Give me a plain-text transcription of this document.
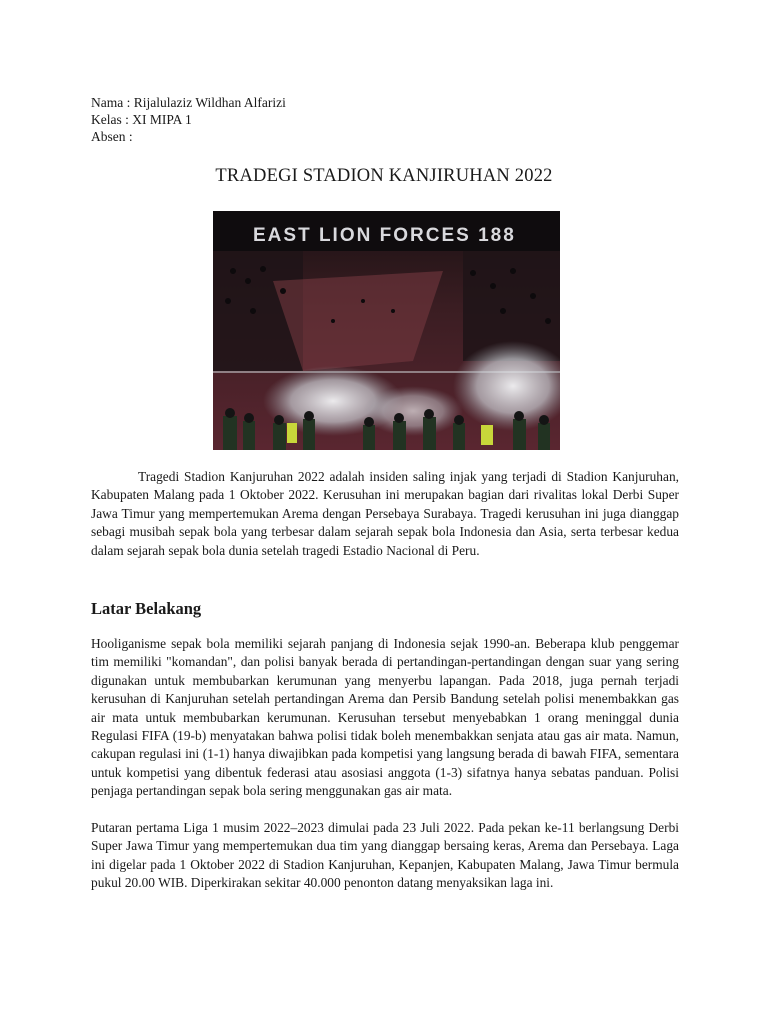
Nama : Rijalulaziz Wildhan Alfarizi
Kelas : XI MIPA 1
Absen :
TRADEGI STADION KANJIRUHAN 2022
EAST LION FORCES 188

Tragedi Stadion Kanjuruhan 2022 adalah insiden saling injak yang terjadi di Stadion Kanjuruhan, Kabupaten Malang pada 1 Oktober 2022. Kerusuhan ini merupakan bagian dari rivalitas lokal Derbi Super Jawa Timur yang mempertemukan Arema dengan Persebaya Surabaya. Tragedi kerusuhan ini juga dianggap sebagi musibah sepak bola yang terbesar dalam sejarah sepak bola Indonesia dan Asia, serta terbesar kedua dalam sejarah sepak bola dunia setelah tragedi Estadio Nacional di Peru.

Latar Belakang

Hooliganisme sepak bola memiliki sejarah panjang di Indonesia sejak 1990-an. Beberapa klub penggemar tim memiliki "komandan", dan polisi banyak berada di pertandingan-pertandingan dengan suar yang sering digunakan untuk membubarkan kerumunan yang menyerbu lapangan. Pada 2018, juga pernah terjadi kerusuhan di Kanjuruhan setelah pertandingan Arema dan Persib Bandung setelah polisi menembakkan gas air mata untuk membubarkan kerumunan. Kerusuhan tersebut menyebabkan 1 orang meninggal dunia Regulasi FIFA (19-b) menyatakan bahwa polisi tidak boleh menembakkan senjata atau gas air mata. Namun, cakupan regulasi ini (1-1) hanya diwajibkan pada kompetisi yang langsung berada di bawah FIFA, sementara untuk kompetisi yang dibentuk federasi atau asosiasi anggota (1-3) sifatnya hanya sebatas panduan. Polisi penjaga pertandingan sepak bola sering menggunakan gas air mata.

Putaran pertama Liga 1 musim 2022–2023 dimulai pada 23 Juli 2022. Pada pekan ke-11 berlangsung Derbi Super Jawa Timur yang mempertemukan dua tim yang dianggap bersaing keras, Arema dan Persebaya. Laga ini digelar pada 1 Oktober 2022 di Stadion Kanjuruhan, Kepanjen, Kabupaten Malang, Jawa Timur bermula pukul 20.00 WIB. Diperkirakan sekitar 40.000 penonton datang menyaksikan laga ini.
